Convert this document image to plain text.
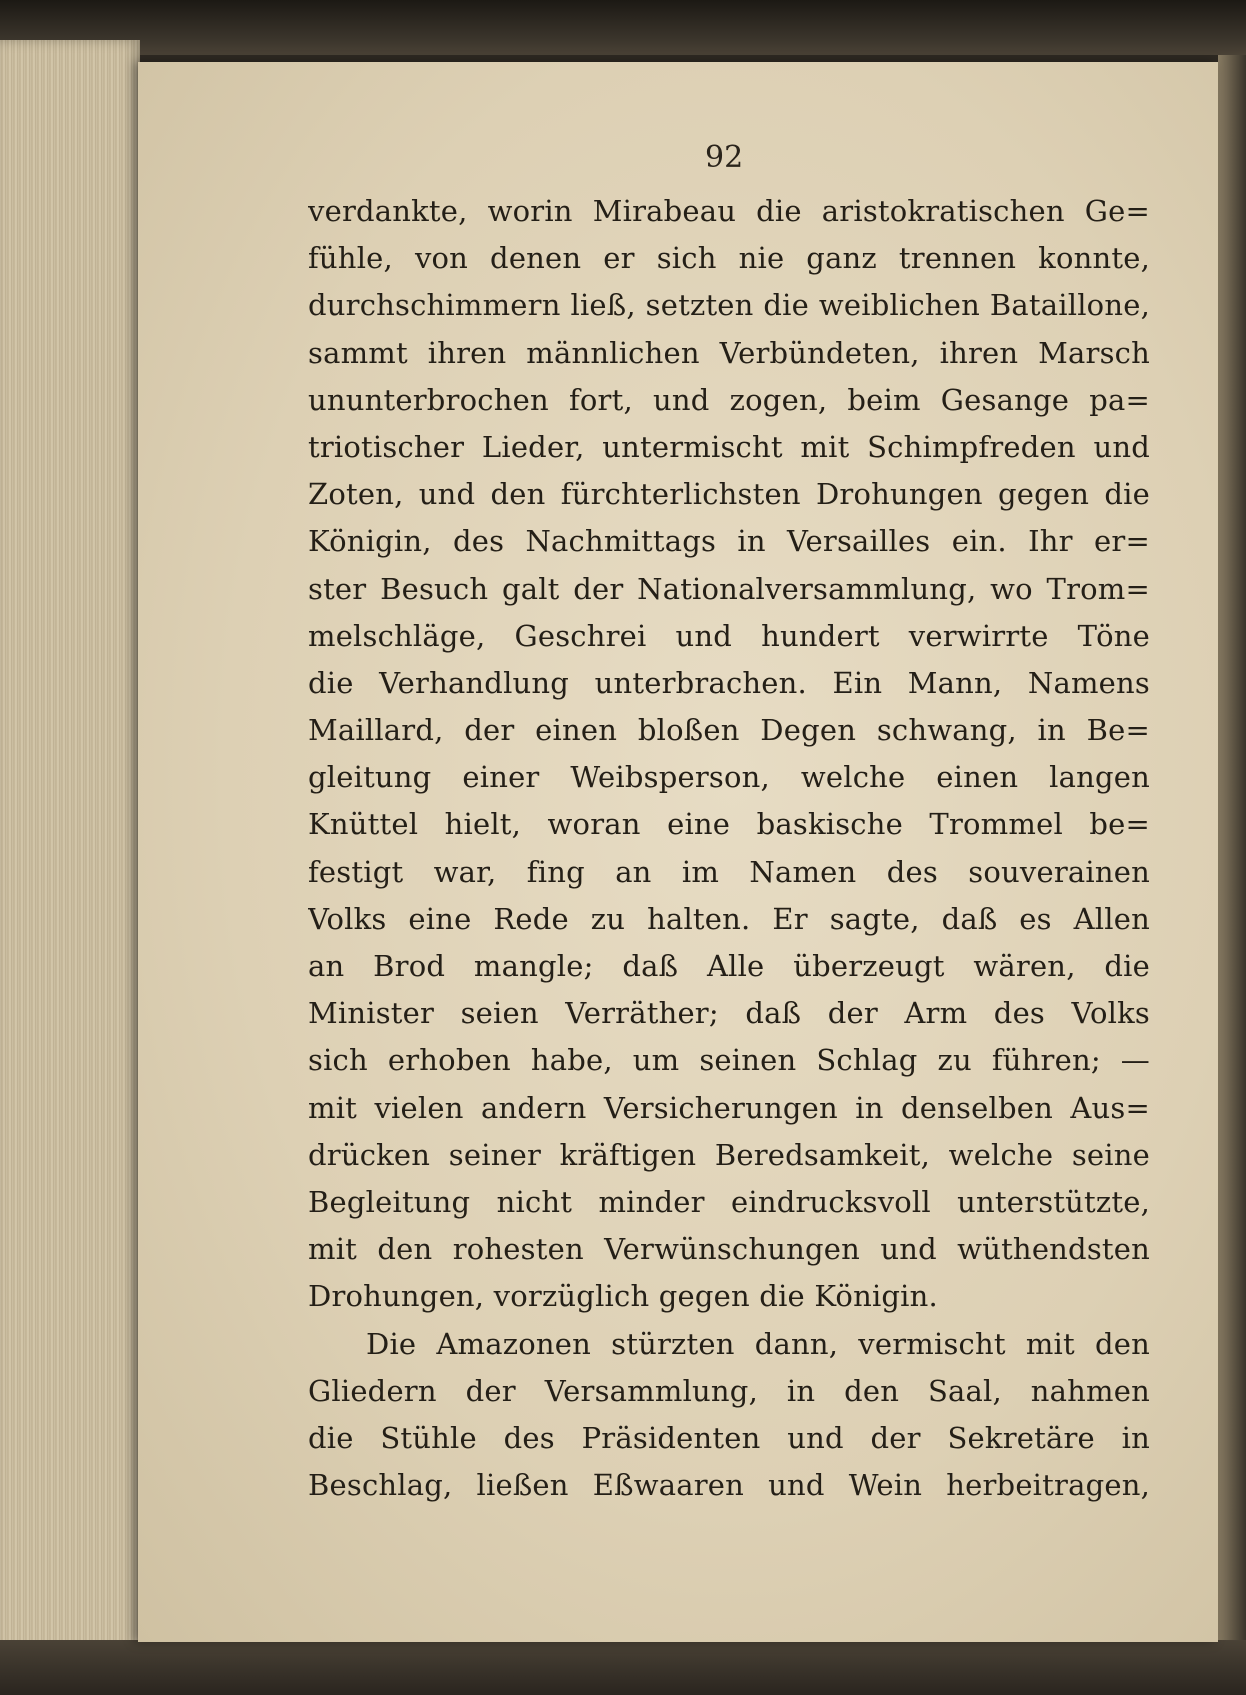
92
verdankte, worin Mirabeau die aristokratischen Ge=
fühle, von denen er sich nie ganz trennen konnte,
durchschimmern ließ, setzten die weiblichen Bataillone,
sammt ihren männlichen Verbündeten, ihren Marsch
ununterbrochen fort, und zogen, beim Gesange pa=
triotischer Lieder, untermischt mit Schimpfreden und
Zoten, und den fürchterlichsten Drohungen gegen die
Königin, des Nachmittags in Versailles ein. Ihr er=
ster Besuch galt der Nationalversammlung, wo Trom=
melschläge, Geschrei und hundert verwirrte Töne
die Verhandlung unterbrachen. Ein Mann, Namens
Maillard, der einen bloßen Degen schwang, in Be=
gleitung einer Weibsperson, welche einen langen
Knüttel hielt, woran eine baskische Trommel be=
festigt war, fing an im Namen des souverainen
Volks eine Rede zu halten. Er sagte, daß es Allen
an Brod mangle; daß Alle überzeugt wären, die
Minister seien Verräther; daß der Arm des Volks
sich erhoben habe, um seinen Schlag zu führen; —
mit vielen andern Versicherungen in denselben Aus=
drücken seiner kräftigen Beredsamkeit, welche seine
Begleitung nicht minder eindrucksvoll unterstützte,
mit den rohesten Verwünschungen und wüthendsten
Drohungen, vorzüglich gegen die Königin.
Die Amazonen stürzten dann, vermischt mit den
Gliedern der Versammlung, in den Saal, nahmen
die Stühle des Präsidenten und der Sekretäre in
Beschlag, ließen Eßwaaren und Wein herbeitragen,
